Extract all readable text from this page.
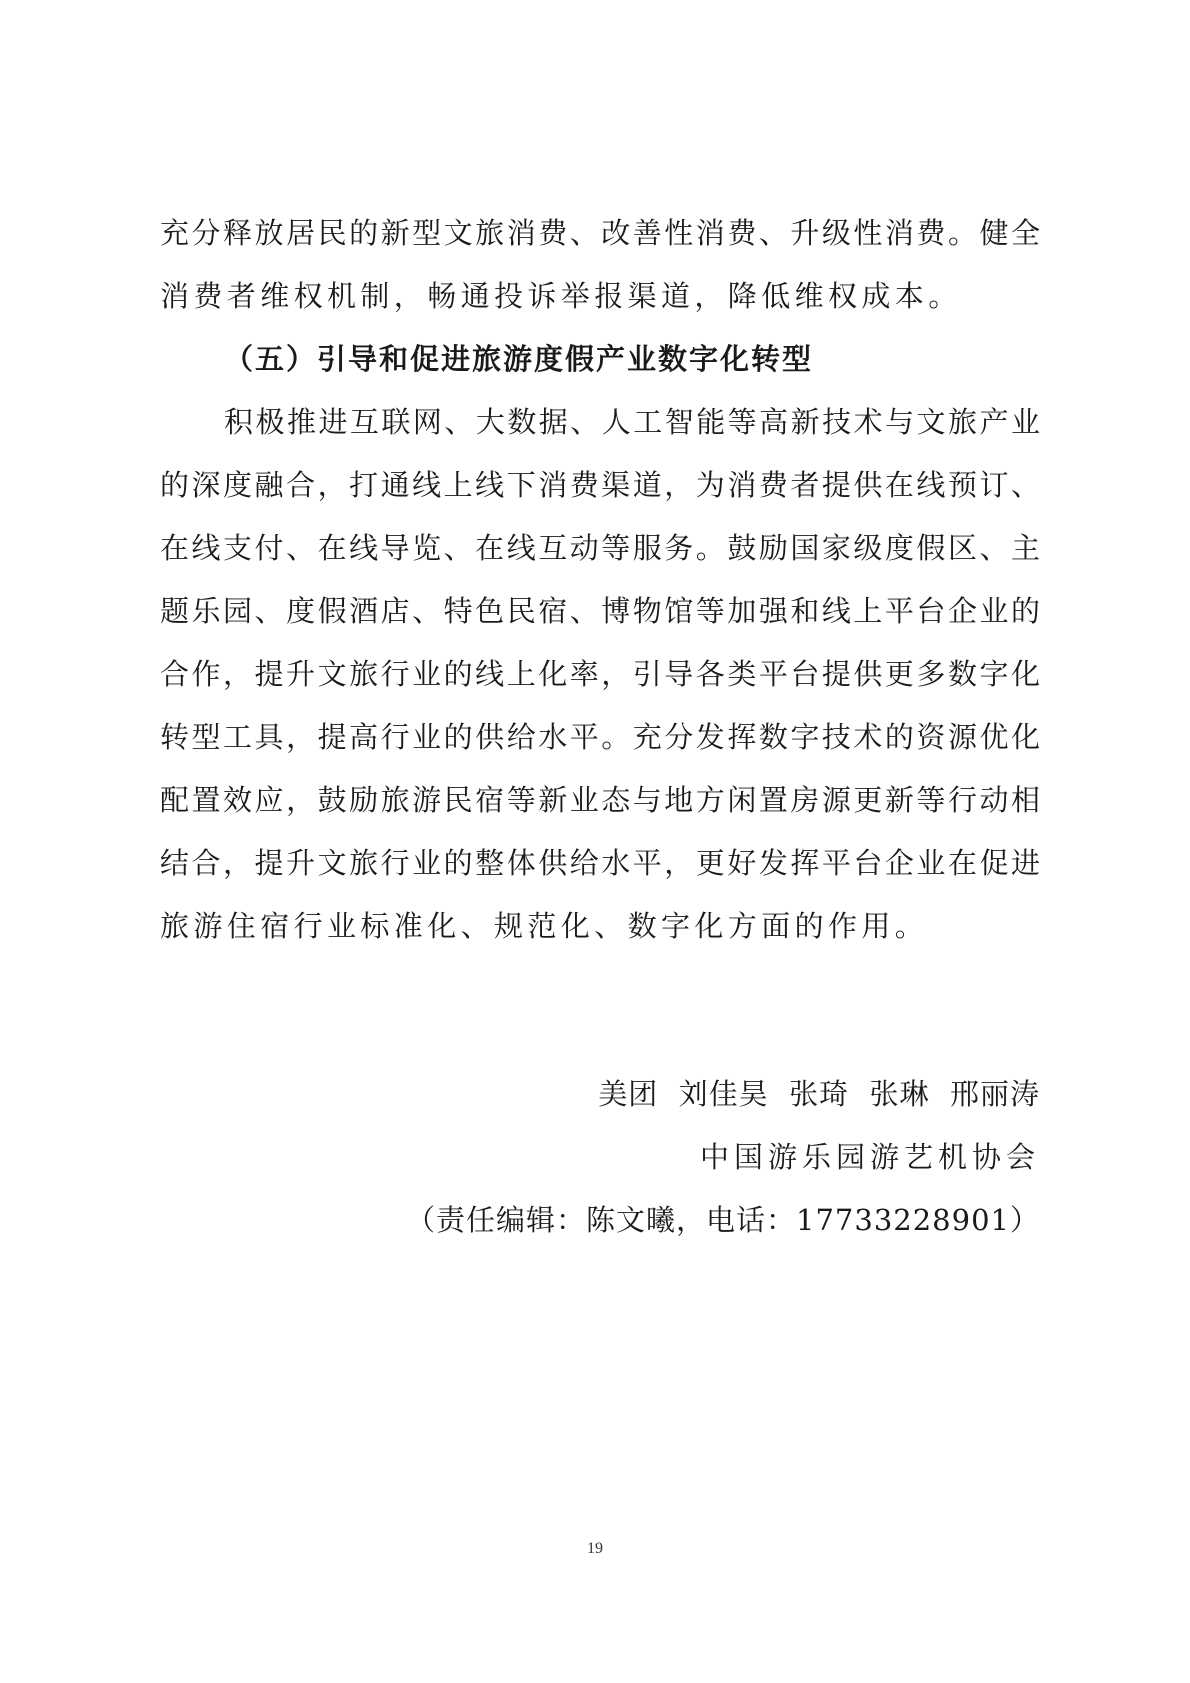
充分释放居民的新型文旅消费、改善性消费、升级性消费。健全
消费者维权机制，畅通投诉举报渠道，降低维权成本。
（五）引导和促进旅游度假产业数字化转型
积极推进互联网、大数据、人工智能等高新技术与文旅产业
的深度融合，打通线上线下消费渠道，为消费者提供在线预订、
在线支付、在线导览、在线互动等服务。鼓励国家级度假区、主
题乐园、度假酒店、特色民宿、博物馆等加强和线上平台企业的
合作，提升文旅行业的线上化率，引导各类平台提供更多数字化
转型工具，提高行业的供给水平。充分发挥数字技术的资源优化
配置效应，鼓励旅游民宿等新业态与地方闲置房源更新等行动相
结合，提升文旅行业的整体供给水平，更好发挥平台企业在促进
旅游住宿行业标准化、规范化、数字化方面的作用。
美团  刘佳昊  张琦  张琳  邢丽涛
中国游乐园游艺机协会
（责任编辑：陈文曦，电话：17733228901）
19
